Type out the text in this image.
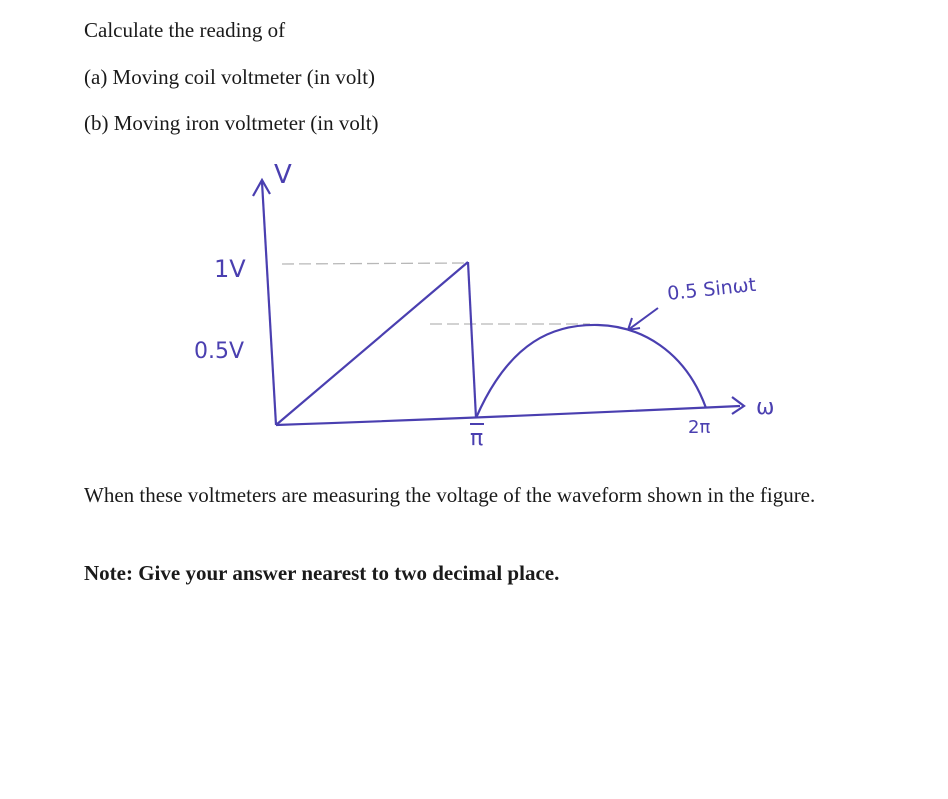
Calculate the reading of

(a) Moving coil voltmeter (in volt)

(b) Moving iron voltmeter (in volt)

V
1V
0.5V
π	2π
ω
0.5 Sinωt

When these voltmeters are measuring the voltage of the waveform shown in the figure.

Note: Give your answer nearest to two decimal place.
